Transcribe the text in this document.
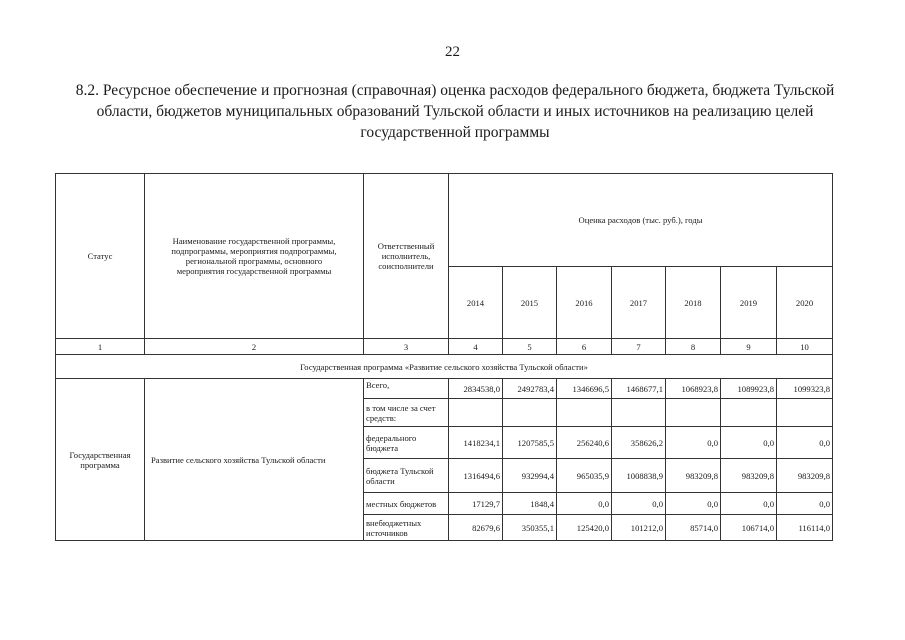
22
8.2. Ресурсное обеспечение и прогнозная (справочная) оценка расходов федерального бюджета, бюджета Тульской
области, бюджетов муниципальных образований Тульской области и иных источников на реализацию целей
государственной программы
Статус	Наименование государственной программы, подпрограммы, мероприятия подпрограммы, региональной программы, основного мероприятия государственной программы	Ответственный исполнитель, соисполнители	Оценка расходов (тыс. руб.), годы						
			2014	2015	2016	2017	2018	2019	2020
1	2	3	4	5	6	7	8	9	10
Государственная программа «Развитие сельского хозяйства Тульской области»									
Государственная программа	Развитие сельского хозяйства Тульской области	Всего,	2834538,0	2492783,4	1346696,5	1468677,1	1068923,8	1089923,8	1099323,8
		в том числе за счет средств:							
		федерального бюджета	1418234,1	1207585,5	256240,6	358626,2	0,0	0,0	0,0
		бюджета Тульской области	1316494,6	932994,4	965035,9	1008838,9	983209,8	983209,8	983209,8
		местных бюджетов	17129,7	1848,4	0,0	0,0	0,0	0,0	0,0
		внебюджетных источников	82679,6	350355,1	125420,0	101212,0	85714,0	106714,0	116114,0
